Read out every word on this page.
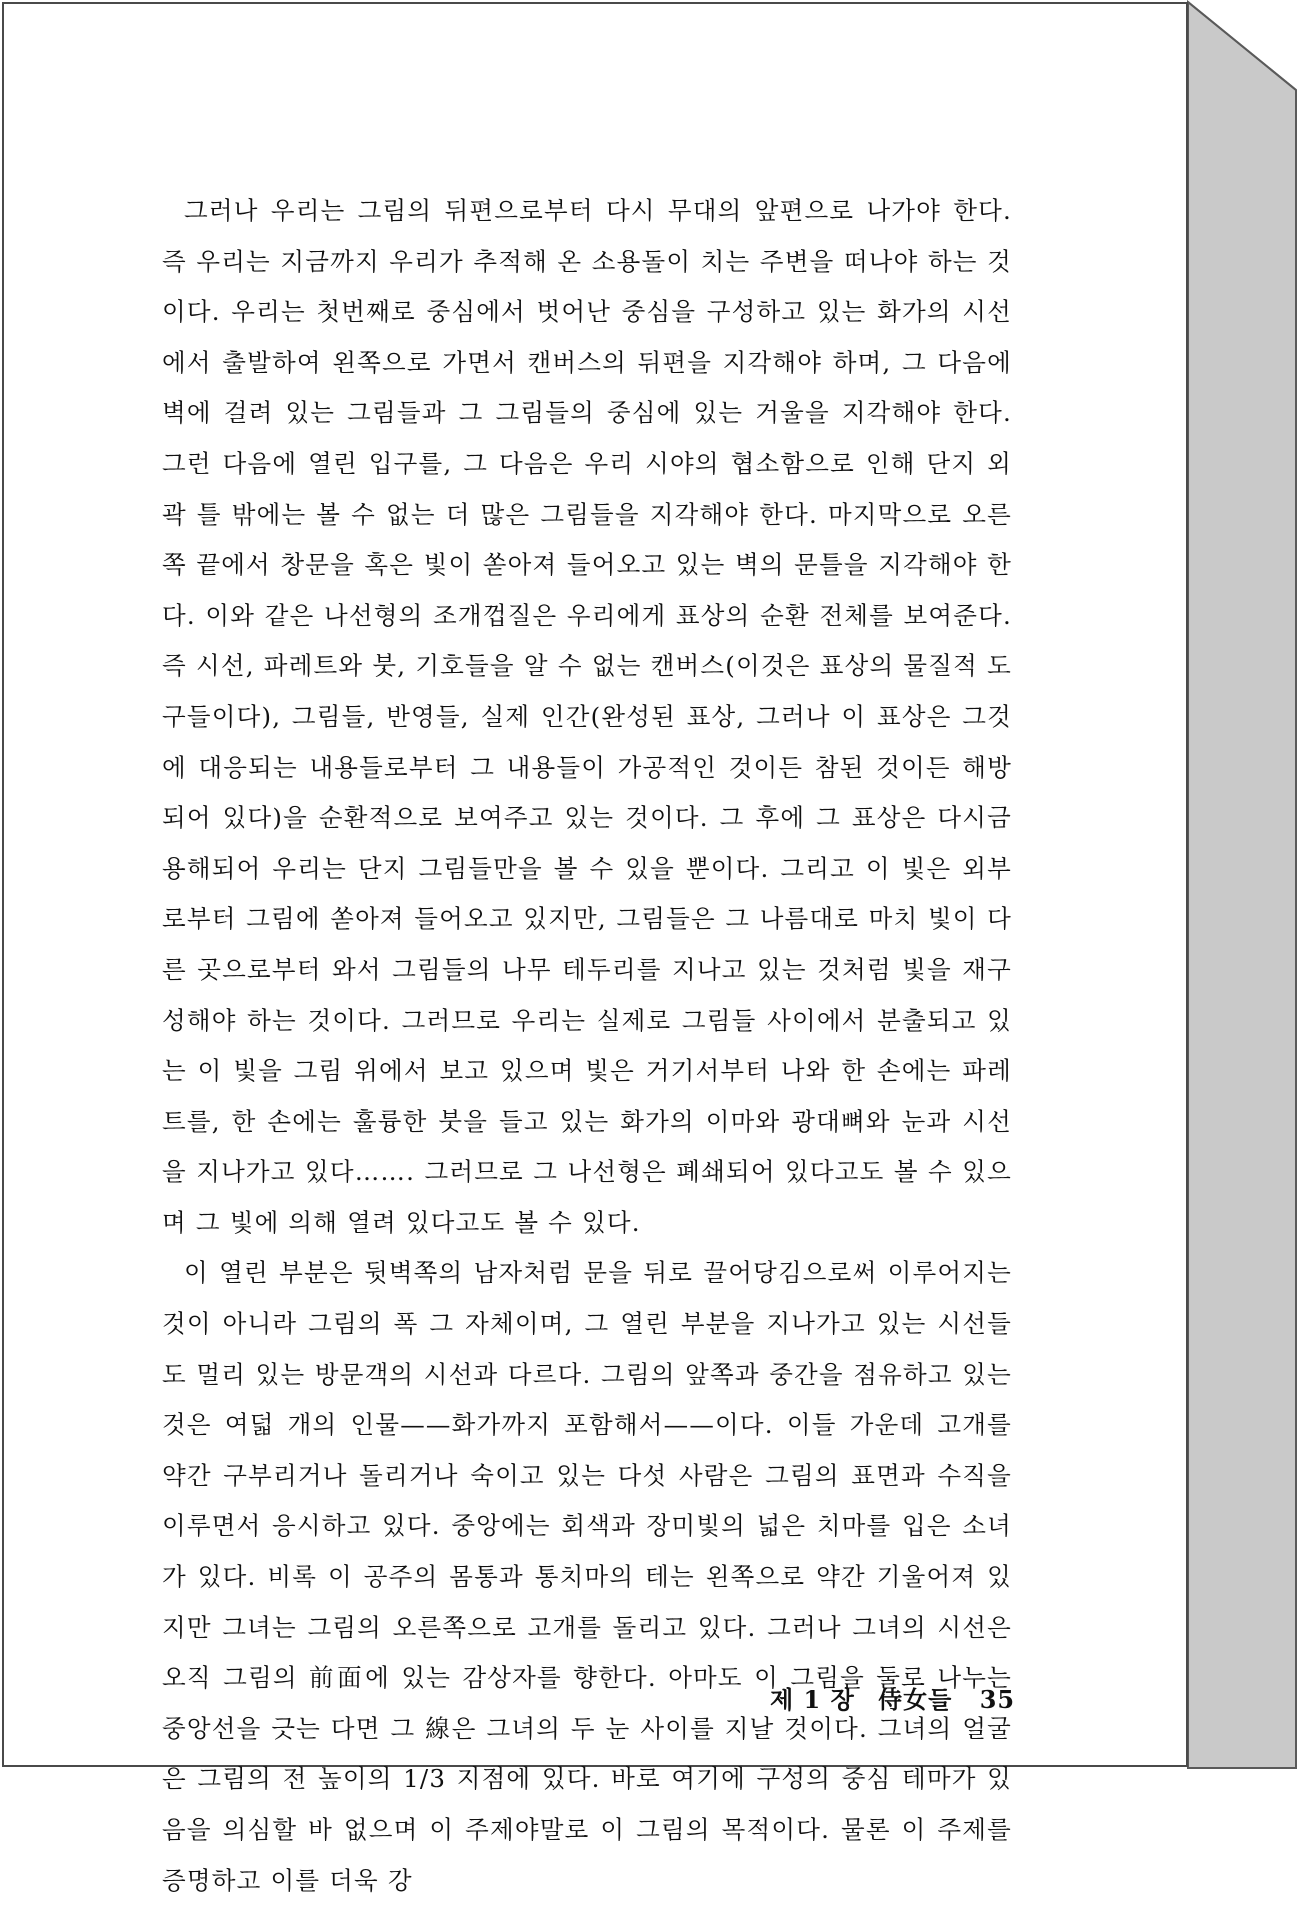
그러나 우리는 그림의 뒤편으로부터 다시 무대의 앞편으로 나가야 한다. 즉 우리는 지금까지 우리가 추적해 온 소용돌이 치는 주변을 떠나야 하는 것이다. 우리는 첫번째로 중심에서 벗어난 중심을 구성하고 있는 화가의 시선에서 출발하여 왼쪽으로 가면서 캔버스의 뒤편을 지각해야 하며, 그 다음에 벽에 걸려 있는 그림들과 그 그림들의 중심에 있는 거울을 지각해야 한다. 그런 다음에 열린 입구를, 그 다음은 우리 시야의 협소함으로 인해 단지 외곽 틀 밖에는 볼 수 없는 더 많은 그림들을 지각해야 한다. 마지막으로 오른쪽 끝에서 창문을 혹은 빛이 쏟아져 들어오고 있는 벽의 문틀을 지각해야 한다. 이와 같은 나선형의 조개껍질은 우리에게 표상의 순환 전체를 보여준다. 즉 시선, 파레트와 붓, 기호들을 알 수 없는 캔버스(이것은 표상의 물질적 도구들이다), 그림들, 반영들, 실제 인간(완성된 표상, 그러나 이 표상은 그것에 대응되는 내용들로부터 그 내용들이 가공적인 것이든 참된 것이든 해방되어 있다)을 순환적으로 보여주고 있는 것이다. 그 후에 그 표상은 다시금 용해되어 우리는 단지 그림들만을 볼 수 있을 뿐이다. 그리고 이 빛은 외부로부터 그림에 쏟아져 들어오고 있지만, 그림들은 그 나름대로 마치 빛이 다른 곳으로부터 와서 그림들의 나무 테두리를 지나고 있는 것처럼 빛을 재구성해야 하는 것이다. 그러므로 우리는 실제로 그림들 사이에서 분출되고 있는 이 빛을 그림 위에서 보고 있으며 빛은 거기서부터 나와 한 손에는 파레트를, 한 손에는 훌륭한 붓을 들고 있는 화가의 이마와 광대뼈와 눈과 시선을 지나가고 있다……. 그러므로 그 나선형은 폐쇄되어 있다고도 볼 수 있으며 그 빛에 의해 열려 있다고도 볼 수 있다.

이 열린 부분은 뒷벽쪽의 남자처럼 문을 뒤로 끌어당김으로써 이루어지는 것이 아니라 그림의 폭 그 자체이며, 그 열린 부분을 지나가고 있는 시선들도 멀리 있는 방문객의 시선과 다르다. 그림의 앞쪽과 중간을 점유하고 있는 것은 여덟 개의 인물——화가까지 포함해서——이다. 이들 가운데 고개를 약간 구부리거나 돌리거나 숙이고 있는 다섯 사람은 그림의 표면과 수직을 이루면서 응시하고 있다. 중앙에는 회색과 장미빛의 넓은 치마를 입은 소녀가 있다. 비록 이 공주의 몸통과 통치마의 테는 왼쪽으로 약간 기울어져 있지만 그녀는 그림의 오른쪽으로 고개를 돌리고 있다. 그러나 그녀의 시선은 오직 그림의 前面에 있는 감상자를 향한다. 아마도 이 그림을 둘로 나누는 중앙선을 긋는 다면 그 線은 그녀의 두 눈 사이를 지날 것이다. 그녀의 얼굴은 그림의 전 높이의 1/3 지점에 있다. 바로 여기에 구성의 중심 테마가 있음을 의심할 바 없으며 이 주제야말로 이 그림의 목적이다. 물론 이 주제를 증명하고 이를 더욱 강

제 1 장 侍女들 35
